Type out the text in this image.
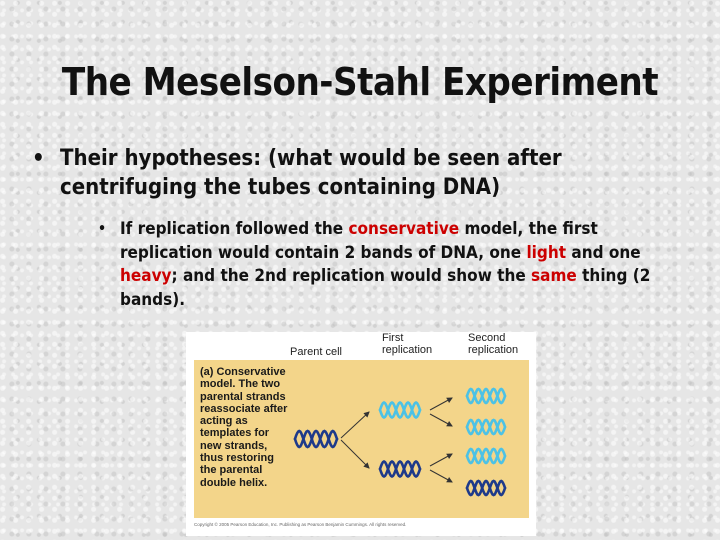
The Meselson-Stahl Experiment
• Their hypotheses: (what would be seen after centrifuging the tubes containing DNA)
• If replication followed the conservative model, the first replication would contain 2 bands of DNA, one light and one heavy; and the 2nd replication would show the same thing (2 bands).
Parent cell
First
replication
Second
replication
(a) Conservative
model. The two
parental strands
reassociate after
acting as
templates for
new strands,
thus restoring
the parental
double helix.
Copyright © 2005 Pearson Education, Inc. Publishing as Pearson Benjamin Cummings. All rights reserved.
